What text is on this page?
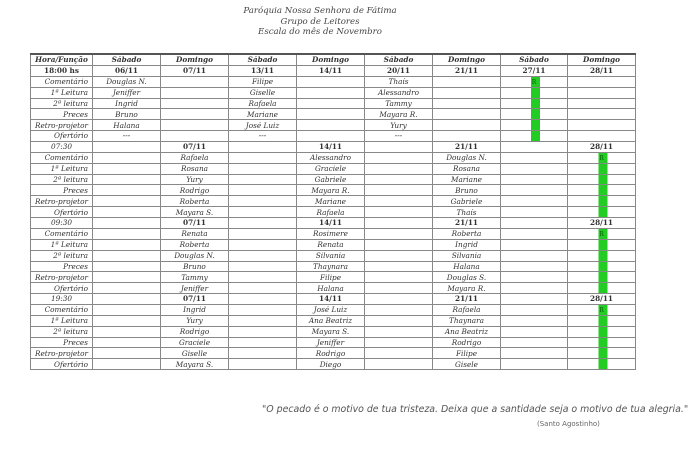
Paróquia Nossa Senhora de Fátima
Grupo de Leitores
Escala do mês de Novembro
Hora/Função	Sábado	Domingo	Sábado	Domingo	Sábado	Domingo	Sábado	Domingo
18:00 hs	06/11	07/11	13/11	14/11	20/11	21/11	27/11	28/11
Comentário	Douglas N.		Filipe		Thaís		R	
1ª Leitura	Jeniffer		Giselle		Alessandro			
2ª leitura	Ingrid		Rafaela		Tammy			
Preces	Bruno		Mariane		Mayara R.			
Retro-projetor	Halana		José Luiz		Yury			
Ofertório	---		---		---			
07:30		07/11		14/11		21/11		28/11
Comentário		Rafaela		Alessandro		Douglas N.		R
1ª Leitura		Rosana		Graciele		Rosana		
2ª leitura		Yury		Gabriele		Mariane		
Preces		Rodrigo		Mayara R.		Bruno		
Retro-projetor		Roberta		Mariane		Gabriele		
Ofertório		Mayara S.		Rafaela		Thaís		
09:30		07/11		14/11		21/11		28/11
Comentário		Renata		Rosimere		Roberta		R
1ª Leitura		Roberta		Renata		Ingrid		
2ª leitura		Douglas N.		Silvania		Silvania		
Preces		Bruno		Thaynara		Halana		
Retro-projetor		Tammy		Filipe		Douglas S.		
Ofertório		Jeniffer		Halana		Mayara R.		
19:30		07/11		14/11		21/11		28/11
Comentário		Ingrid		José Luiz		Rafaela		R
1ª Leitura		Yury		Ana Beatriz		Thaynara		
2ª leitura		Rodrigo		Mayara S.		Ana Beatriz		
Preces		Graciele		Jeniffer		Rodrigo		
Retro-projetor		Giselle		Rodrigo		Filipe		
Ofertório		Mayara S.		Diego		Gisele		
"O pecado é o motivo de tua tristeza. Deixa que a santidade seja o motivo de tua alegria."
(Santo Agostinho)
